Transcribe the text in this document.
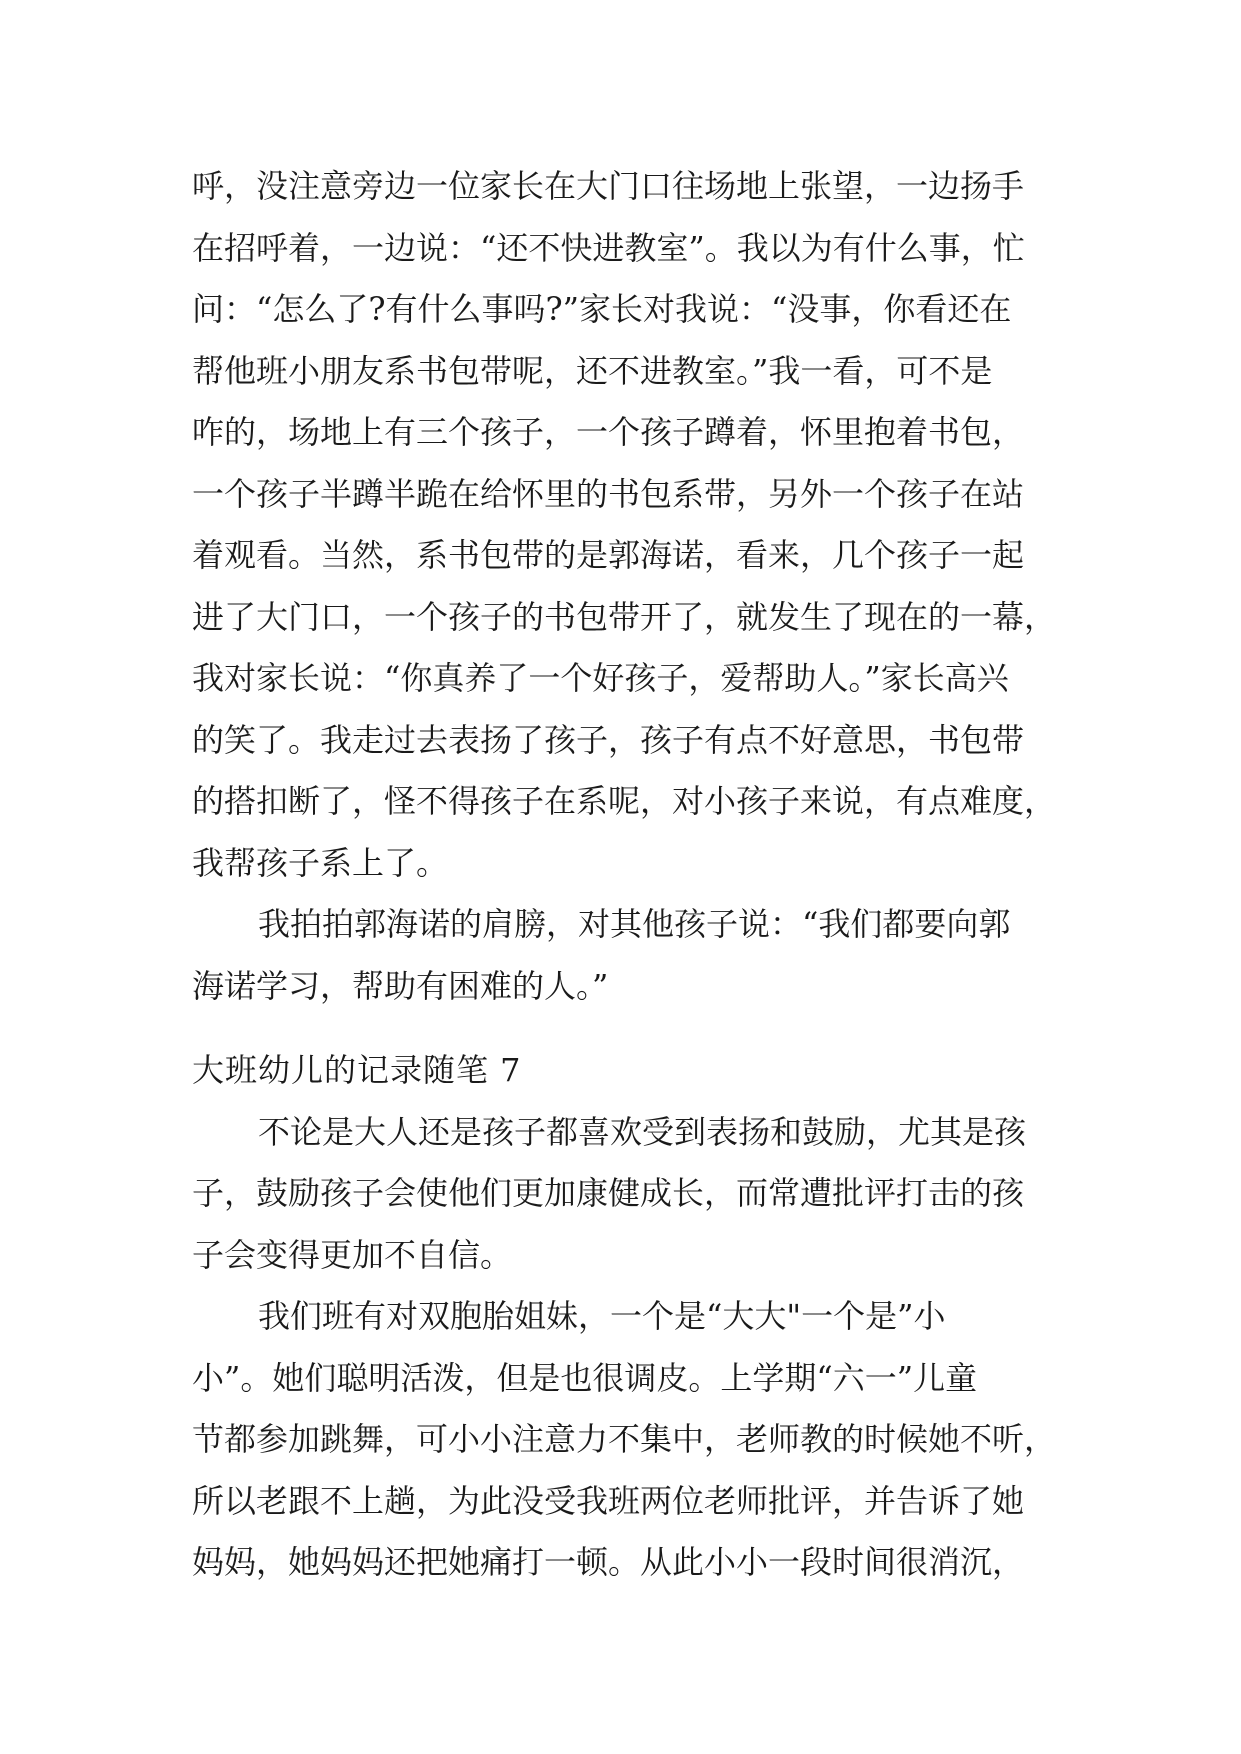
呼，没注意旁边一位家长在大门口往场地上张望，一边扬手
在招呼着，一边说：“还不快进教室”。我以为有什么事，忙
问：“怎么了?有什么事吗?”家长对我说：“没事，你看还在
帮他班小朋友系书包带呢，还不进教室。”我一看，可不是
咋的，场地上有三个孩子，一个孩子蹲着，怀里抱着书包，
一个孩子半蹲半跪在给怀里的书包系带，另外一个孩子在站
着观看。当然，系书包带的是郭海诺，看来，几个孩子一起
进了大门口，一个孩子的书包带开了，就发生了现在的一幕，
我对家长说：“你真养了一个好孩子，爱帮助人。”家长高兴
的笑了。我走过去表扬了孩子，孩子有点不好意思，书包带
的搭扣断了，怪不得孩子在系呢，对小孩子来说，有点难度，
我帮孩子系上了。
我拍拍郭海诺的肩膀，对其他孩子说：“我们都要向郭
海诺学习，帮助有困难的人。”
大班幼儿的记录随笔 7
不论是大人还是孩子都喜欢受到表扬和鼓励，尤其是孩
子，鼓励孩子会使他们更加康健成长，而常遭批评打击的孩
子会变得更加不自信。
我们班有对双胞胎姐妹，一个是“大大"一个是”小
小”。她们聪明活泼，但是也很调皮。上学期“六一”儿童
节都参加跳舞，可小小注意力不集中，老师教的时候她不听，
所以老跟不上趟，为此没受我班两位老师批评，并告诉了她
妈妈，她妈妈还把她痛打一顿。从此小小一段时间很消沉，
